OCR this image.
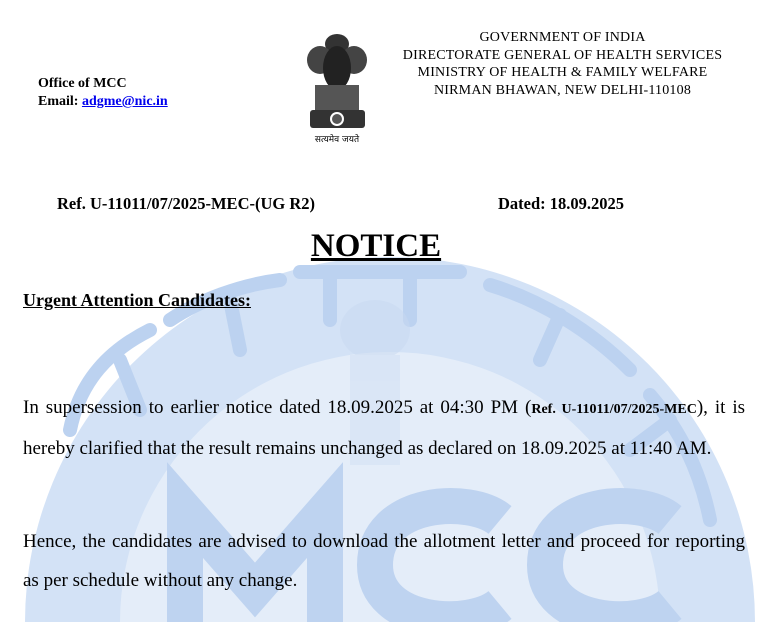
Office of MCC
Email: adgme@nic.in
सत्यमेव जयते
GOVERNMENT OF INDIA
DIRECTORATE GENERAL OF HEALTH SERVICES
MINISTRY OF HEALTH & FAMILY WELFARE
NIRMAN BHAWAN, NEW DELHI-110108
Ref. U-11011/07/2025-MEC-(UG R2)	Dated: 18.09.2025
NOTICE
Urgent Attention Candidates:
In supersession to earlier notice dated 18.09.2025 at 04:30 PM (Ref. U-11011/07/2025-MEC), it is hereby clarified that the result remains unchanged as declared on 18.09.2025 at 11:40 AM.
Hence, the candidates are advised to download the allotment letter and proceed for reporting as per schedule without any change.
